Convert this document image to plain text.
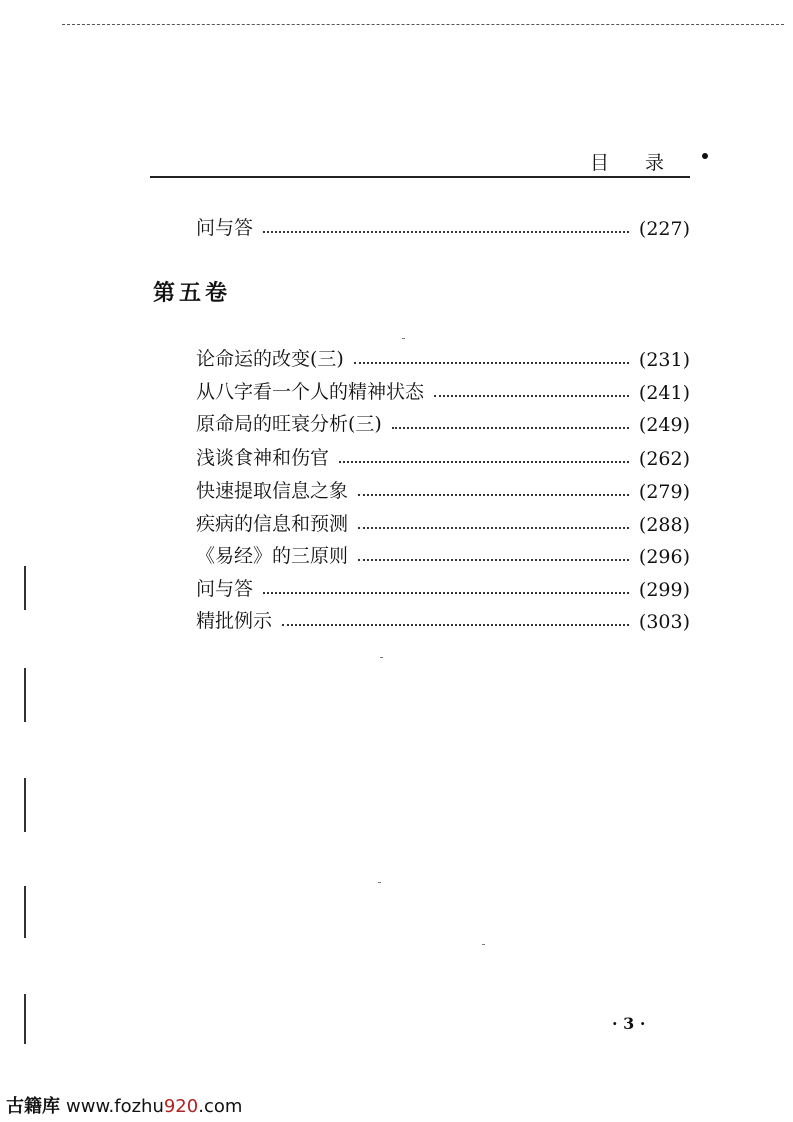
目 录
问与答	(227)
第五卷
论命运的改变(三)	(231)
从八字看一个人的精神状态	(241)
原命局的旺衰分析(三)	(249)
浅谈食神和伤官	(262)
快速提取信息之象	(279)
疾病的信息和预测	(288)
《易经》的三原则	(296)
问与答	(299)
精批例示	(303)
· 3 ·
古籍库 www.fozhu920.com
